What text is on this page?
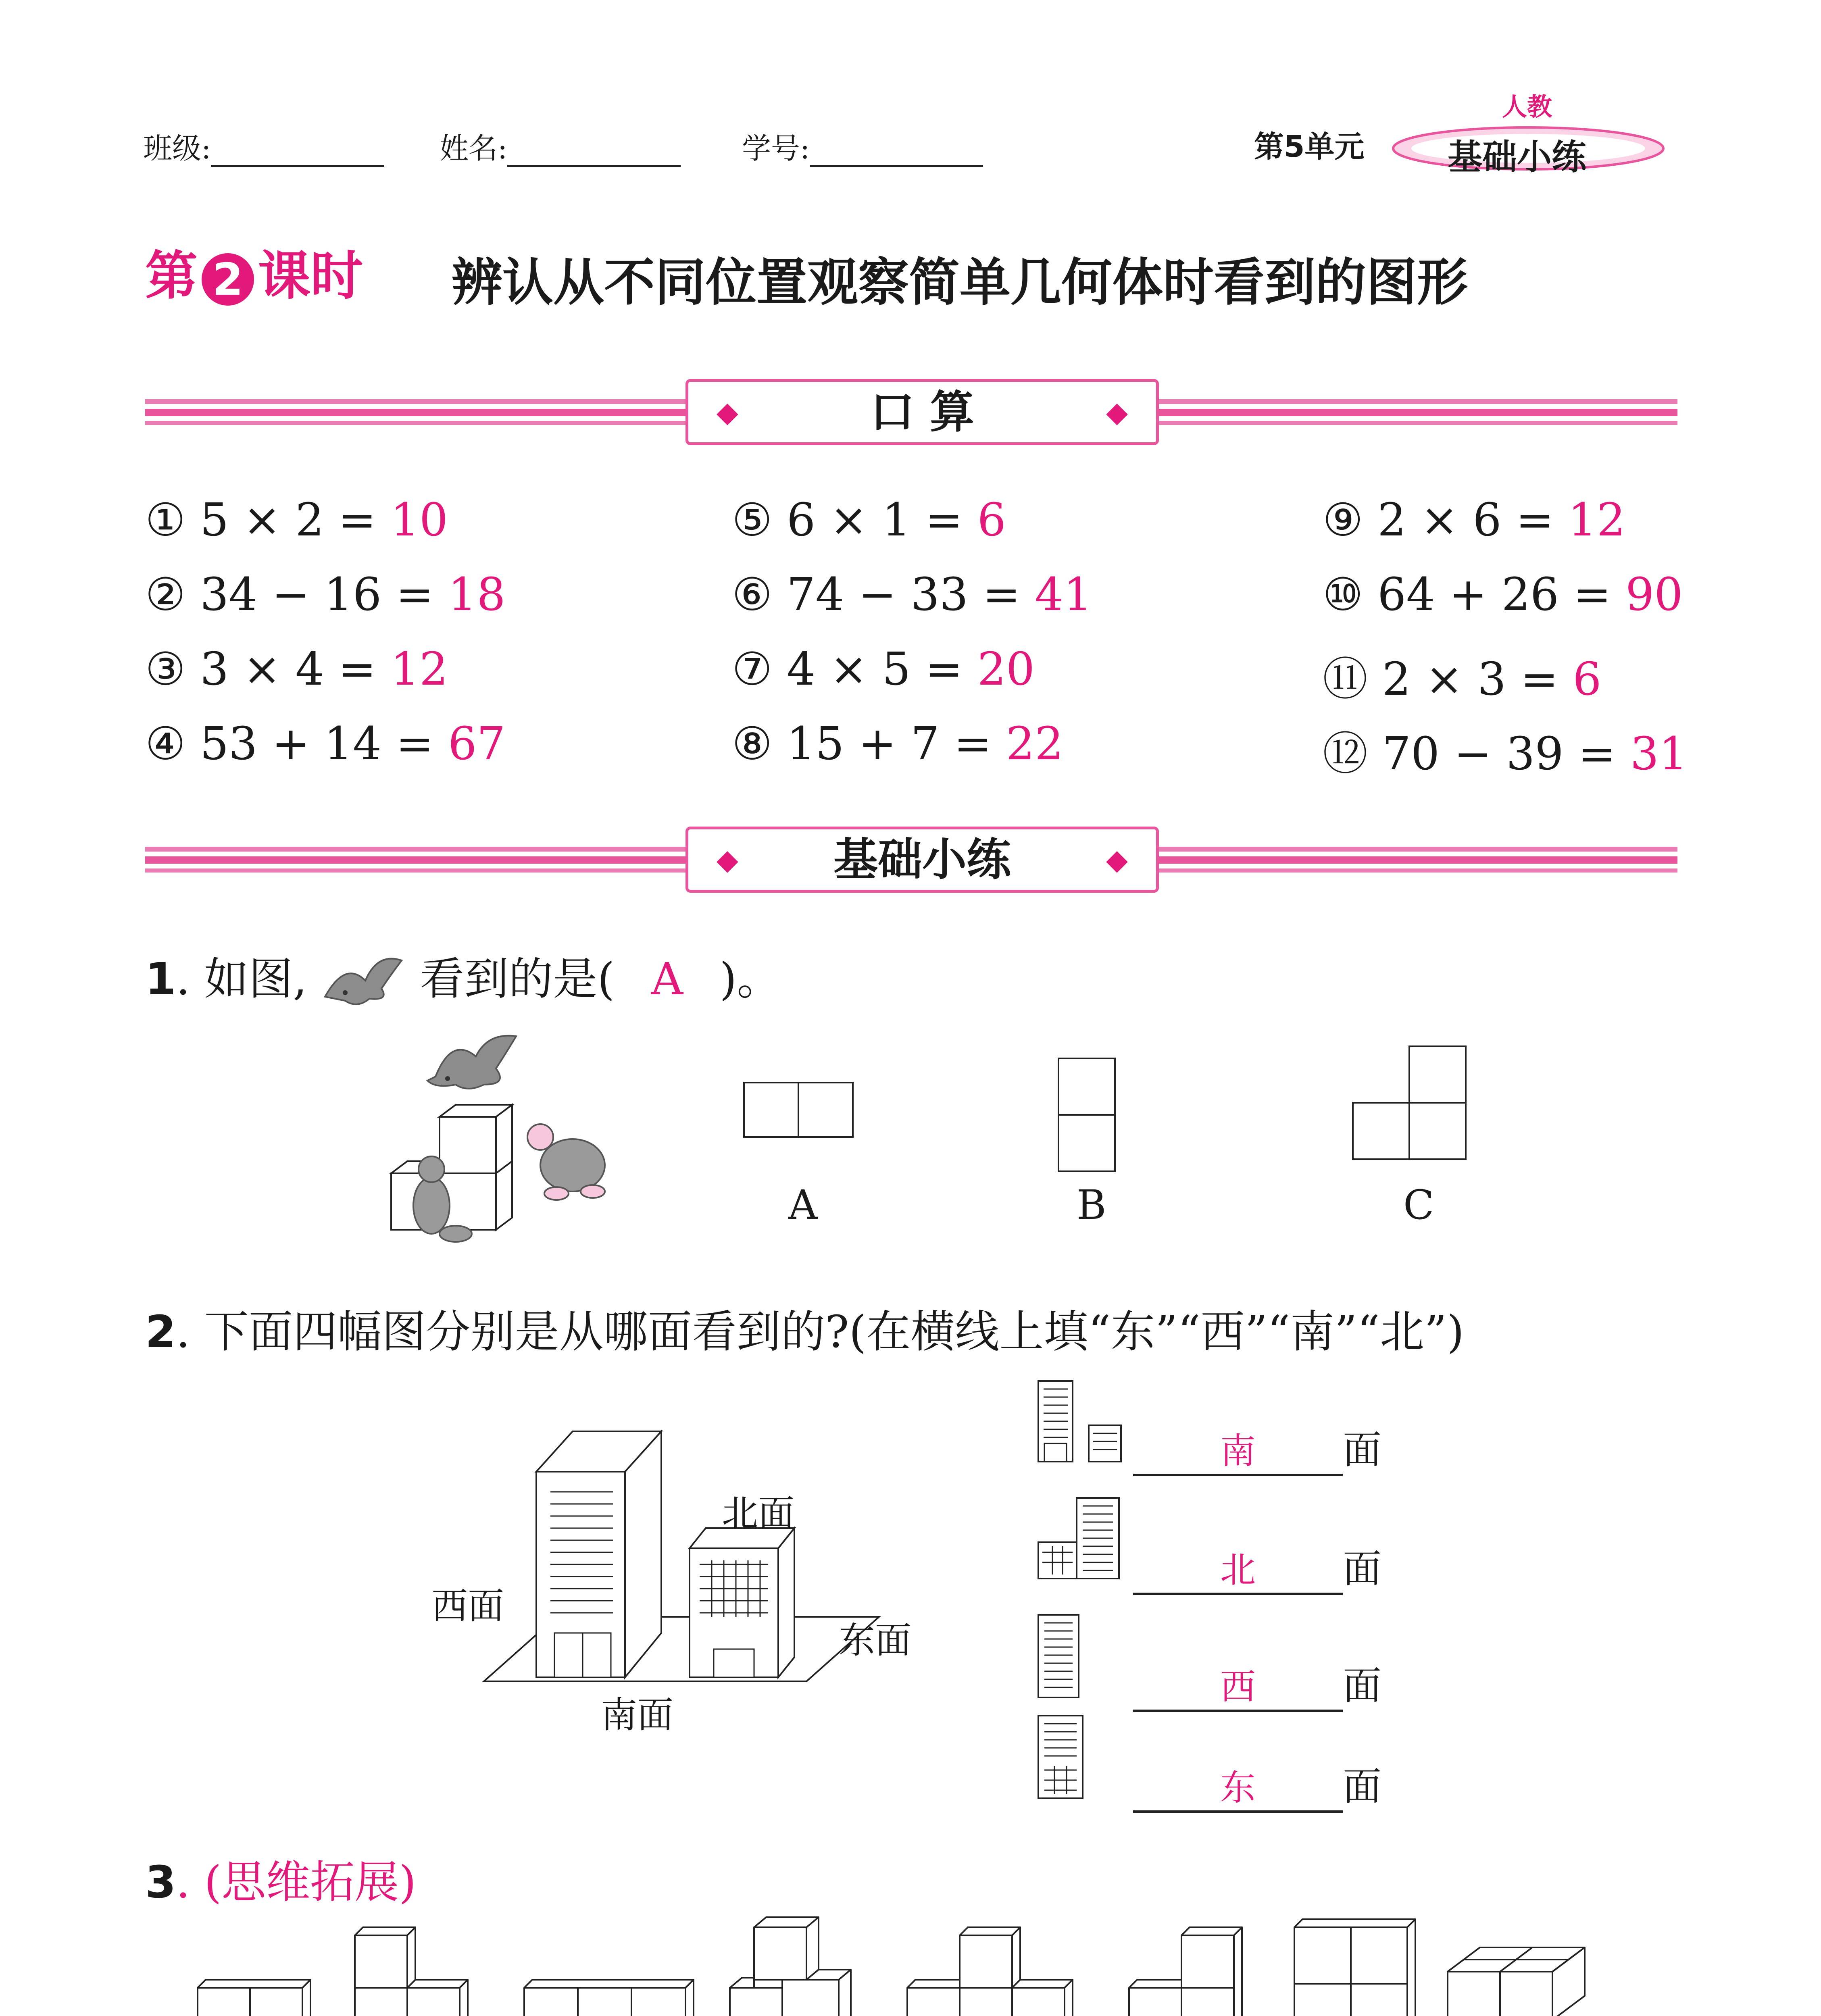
班级:	姓名:	学号:	第5单元
人教
基础小练
第 2 课时 辨认从不同位置观察简单几何体时看到的图形
◆	口 算	◆
① 5 × 2 = 10
② 34 − 16 = 18
③ 3 × 4 = 12
④ 53 + 14 = 67
⑤ 6 × 1 = 6
⑥ 74 − 33 = 41
⑦ 4 × 5 = 20
⑧ 15 + 7 = 22
⑨ 2 × 6 = 12
⑩ 64 + 26 = 90
⑪ 2 × 3 = 6
⑫ 70 − 39 = 31
◆ 基础小练	◆
1. 如图,	看到的是( A )。
A	B	C
2. 下面四幅图分别是从哪面看到的?(在横线上填“东”“西”“南”“北”)
北面
西面
东面
南面
南 面
北 面
西 面
东 面
3. (思维拓展)
